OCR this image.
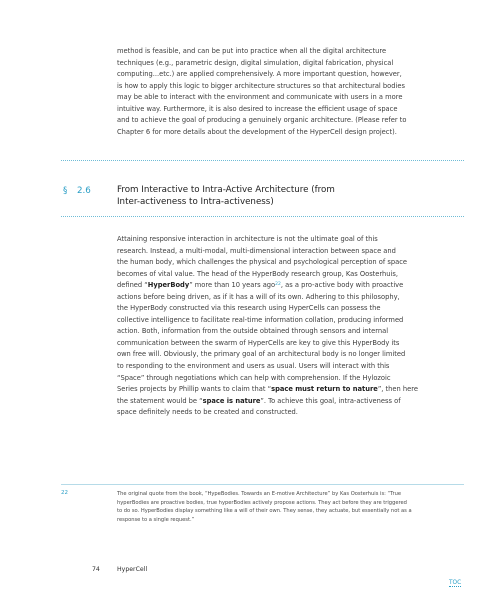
method is feasible, and can be put into practice when all the digital architecture
techniques (e.g., parametric design, digital simulation, digital fabrication, physical
computing...etc.) are applied comprehensively. A more important question, however,
is how to apply this logic to bigger architecture structures so that architectural bodies
may be able to interact with the environment and communicate with users in a more
intuitive way. Furthermore, it is also desired to increase the efficient usage of space
and to achieve the goal of producing a genuinely organic architecture. (Please refer to
Chapter 6 for more details about the development of the HyperCell design project).
§ 2.6	From Interactive to Intra-Active Architecture (from
Inter-activeness to Intra-activeness)
Attaining responsive interaction in architecture is not the ultimate goal of this
research. Instead, a multi-modal, multi-dimensional interaction between space and
the human body, which challenges the physical and psychological perception of space
becomes of vital value. The head of the HyperBody research group, Kas Oosterhuis,
defined “HyperBody” more than 10 years ago$^{22}$, as a pro-active body with proactive
actions before being driven, as if it has a will of its own. Adhering to this philosophy,
the HyperBody constructed via this research using HyperCells can possess the
collective intelligence to facilitate real-time information collation, producing informed
action. Both, information from the outside obtained through sensors and internal
communication between the swarm of HyperCells are key to give this HyperBody its
own free will. Obviously, the primary goal of an architectural body is no longer limited
to responding to the environment and users as usual. Users will interact with this
“Space” through negotiations which can help with comprehension. If the Hylozoic
Series projects by Phillip wants to claim that “space must return to nature”, then here
the statement would be “space is nature”. To achieve this goal, intra-activeness of
space definitely needs to be created and constructed.
22	The original quote from the book, “HypeBodies. Towards an E-motive Architecture” by Kas Oosterhuis is: “True
hyperBodies are proactive bodies, true hyperBodies actively propose actions. They act before they are triggered
to do so. HyperBodies display something like a will of their own. They sense, they actuate, but essentially not as a
response to a single request.”
74	HyperCell
TOC
